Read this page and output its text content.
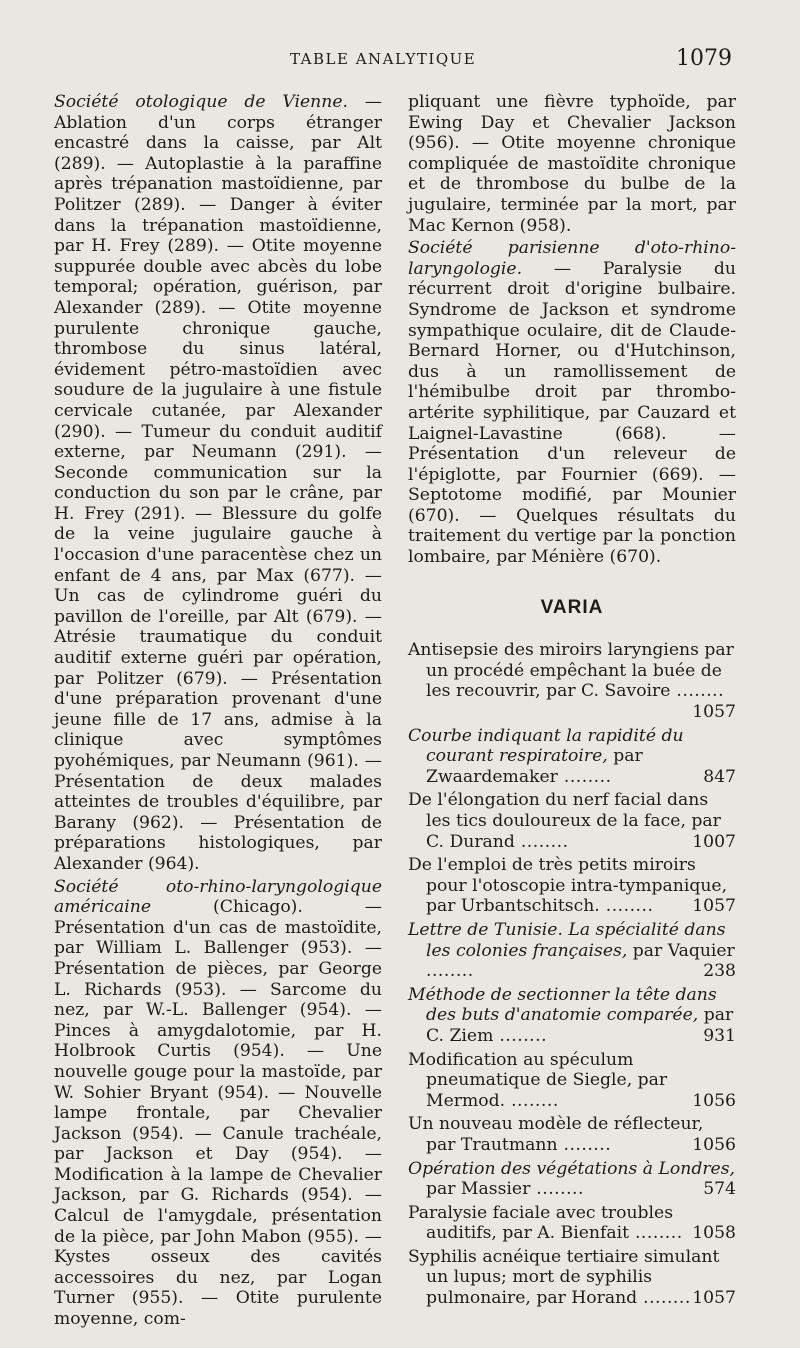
TABLE ANALYTIQUE	1079

Société otologique de Vienne. — Ablation d'un corps étranger encastré dans la caisse, par Alt (289). — Autoplastie à la paraffine après trépanation mastoïdienne, par Politzer (289). — Danger à éviter dans la trépanation mastoïdienne, par H. Frey (289). — Otite moyenne suppurée double avec abcès du lobe temporal; opération, guérison, par Alexander (289). — Otite moyenne purulente chronique gauche, thrombose du sinus latéral, évidement pétro-mastoïdien avec soudure de la jugulaire à une fistule cervicale cutanée, par Alexander (290). — Tumeur du conduit auditif externe, par Neumann (291). — Seconde communication sur la conduction du son par le crâne, par H. Frey (291). — Blessure du golfe de la veine jugulaire gauche à l'occasion d'une paracentèse chez un enfant de 4 ans, par Max (677). — Un cas de cylindrome guéri du pavillon de l'oreille, par Alt (679). — Atrésie traumatique du conduit auditif externe guéri par opération, par Politzer (679). — Présentation d'une préparation provenant d'une jeune fille de 17 ans, admise à la clinique avec symptômes pyohémiques, par Neumann (961). — Présentation de deux malades atteintes de troubles d'équilibre, par Barany (962). — Présentation de préparations histologiques, par Alexander (964).

Société oto-rhino-laryngologique américaine (Chicago). — Présentation d'un cas de mastoïdite, par William L. Ballenger (953). — Présentation de pièces, par George L. Richards (953). — Sarcome du nez, par W.-L. Ballenger (954). — Pinces à amygdalotomie, par H. Holbrook Curtis (954). — Une nouvelle gouge pour la mastoïde, par W. Sohier Bryant (954). — Nouvelle lampe frontale, par Chevalier Jackson (954). — Canule trachéale, par Jackson et Day (954). — Modification à la lampe de Chevalier Jackson, par G. Richards (954). — Calcul de l'amygdale, présentation de la pièce, par John Mabon (955). — Kystes osseux des cavités accessoires du nez, par Logan Turner (955). — Otite purulente moyenne, com-

pliquant une fièvre typhoïde, par Ewing Day et Chevalier Jackson (956). — Otite moyenne chronique compliquée de mastoïdite chronique et de thrombose du bulbe de la jugulaire, terminée par la mort, par Mac Kernon (958).

Société parisienne d'oto-rhino-laryngologie. — Paralysie du récurrent droit d'origine bulbaire. Syndrome de Jackson et syndrome sympathique oculaire, dit de Claude-Bernard Horner, ou d'Hutchinson, dus à un ramollissement de l'hémibulbe droit par thrombo-artérite syphilitique, par Cauzard et Laignel-Lavastine (668). — Présentation d'un releveur de l'épiglotte, par Fournier (669). — Septotome modifié, par Mounier (670). — Quelques résultats du traitement du vertige par la ponction lombaire, par Ménière (670).

VARIA

Antisepsie des miroirs laryngiens par un procédé empêchant la buée de les recouvrir, par C. Savoire ........
1057

Courbe indiquant la rapidité du courant respiratoire, par Zwaardemaker ........	847

De l'élongation du nerf facial dans les tics douloureux de la face, par C. Durand ........	1007

De l'emploi de très petits miroirs pour l'otoscopie intra-tympanique, par Urbantschitsch. ........ 1057

Lettre de Tunisie. La spécialité dans les colonies françaises, par Vaquier ........	238

Méthode de sectionner la tête dans des buts d'anatomie comparée, par C. Ziem ........	931

Modification au spéculum pneumatique de Siegle, par Mermod. ........	1056

Un nouveau modèle de réflecteur, par Trautmann ........	1056

Opération des végétations à Londres, par Massier ........	574

Paralysie faciale avec troubles auditifs, par A. Bienfait ........ 1058

Syphilis acnéique tertiaire simulant un lupus; mort de syphilis pulmonaire, par Horand ........ 1057
